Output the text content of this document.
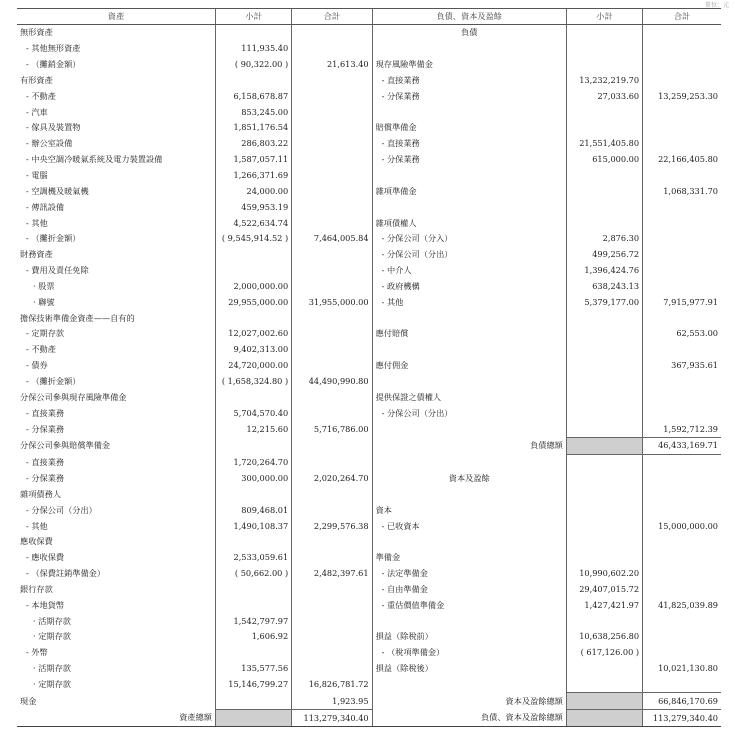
單位：元
資產	小計	合計	負債、資本及盈餘	小計	合計
無形資產			負債		
- 其他無形資產	111,935.40				
- （攤銷金額）	( 90,322.00 )	21,613.40	現存風險準備金		
有形資產			- 直接業務	13,232,219.70	
- 不動產	6,158,678.87		- 分保業務	27,033.60	13,259,253.30
- 汽車	853,245.00				
- 傢具及裝置物	1,851,176.54		賠償準備金		
- 辦公室設備	286,803.22		- 直接業務	21,551,405.80	
- 中央空調冷暖氣系統及電力裝置設備	1,587,057.11		- 分保業務	615,000.00	22,166,405.80
- 電腦	1,266,371.69				
- 空調機及暖氣機	24,000.00		雜項準備金		1,068,331.70
- 傳訊設備	459,953.19				
- 其他	4,522,634.74		雜項債權人		
- （攤折金額）	( 9,545,914.52 )	7,464,005.84	- 分保公司（分入）	2,876.30	
財務資產			- 分保公司（分出）	499,256.72	
- 費用及責任免除			- 中介人	1,396,424.76	
· 股票	2,000,000.00		- 政府機構	638,243.13	
· 聯號	29,955,000.00	31,955,000.00	- 其他	5,379,177.00	7,915,977.91
擔保技術準備金資產——自有的					
- 定期存款	12,027,002.60		應付賠償		62,553.00
- 不動產	9,402,313.00				
- 債券	24,720,000.00		應付佣金		367,935.61
- （攤折金額）	( 1,658,324.80 )	44,490,990.80			
分保公司參與現存風險準備金			提供保證之債權人		
- 直接業務	5,704,570.40		- 分保公司（分出）		
- 分保業務	12,215.60	5,716,786.00			1,592,712.39
分保公司參與賠償準備金			負債總額		46,433,169.71
- 直接業務	1,720,264.70				
- 分保業務	300,000.00	2,020,264.70	資本及盈餘		
雜項債務人					
- 分保公司（分出）	809,468.01		資本		
- 其他	1,490,108.37	2,299,576.38	- 已收資本		15,000,000.00
應收保費					
- 應收保費	2,533,059.61		準備金		
- （保費註銷準備金）	( 50,662.00 )	2,482,397.61	- 法定準備金	10,990,602.20	
銀行存款			- 自由準備金	29,407,015.72	
- 本地貨幣			- 重估價值準備金	1,427,421.97	41,825,039.89
· 活期存款	1,542,797.97				
· 定期存款	1,606.92		損益（除稅前）	10,638,256.80	
- 外幣			- （稅項準備金）	( 617,126.00 )	
· 活期存款	135,577.56		損益（除稅後）		10,021,130.80
· 定期存款	15,146,799.27	16,826,781.72			
現金		1,923.95	資本及盈餘總額		66,846,170.69
資產總額		113,279,340.40	負債、資本及盈餘總額		113,279,340.40
